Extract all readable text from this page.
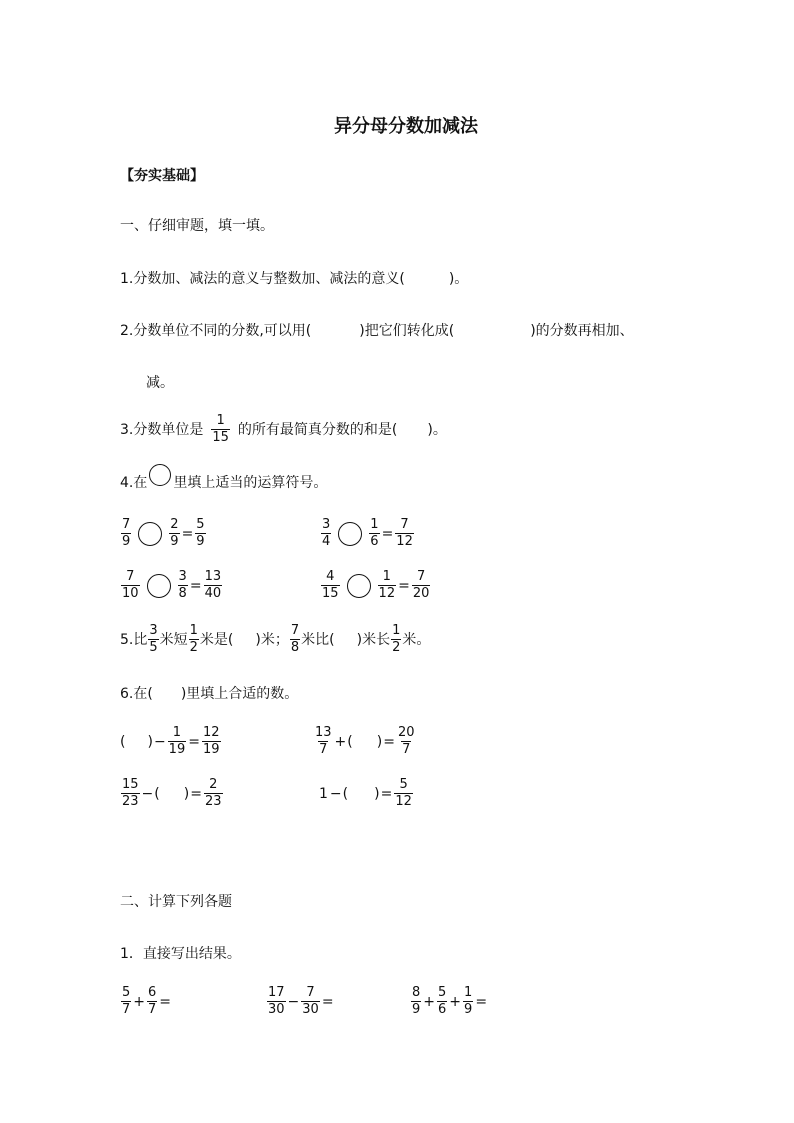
异分母分数加减法
【夯实基础】
一、仔细审题，填一填。
1.分数加、减法的意义与整数加、减法的意义(	)。
2.分数单位不同的分数,可以用(	)把它们转化成(	)的分数再相加、
减。
3.分数单位是 $\frac{1}{15}$ 的所有最简真分数的和是( )。
4.在 里填上适当的运算符号。
$\frac{7}{9}$	$\frac{2}{9} = \frac{5}{9}$	$\frac{3}{4}$	$\frac{1}{6} = \frac{7}{12}$
$\frac{7}{10}$	$\frac{3}{8} = \frac{13}{40}$	$\frac{4}{15}$	$\frac{1}{12} = \frac{7}{20}$
5.比 $\frac{3}{5}$ 米短 $\frac{1}{2}$ 米是( )米； $\frac{7}{8}$ 米比( )米长 $\frac{1}{2}$ 米。
6.在(　　)里填上合适的数。
( ) − $\frac{1}{19} = \frac{12}{19}$	$\frac{13}{7}$ + ( ) = $\frac{20}{7}$
$\frac{15}{23}$ − ( ) = $\frac{2}{23}$	1 − ( ) = $\frac{5}{12}$
二、计算下列各题
1．直接写出结果。
$\frac{5}{7} + \frac{6}{7}$ =	$\frac{17}{30} - \frac{7}{30}$ =	$\frac{8}{9} + \frac{5}{6} + \frac{1}{9}$ =
